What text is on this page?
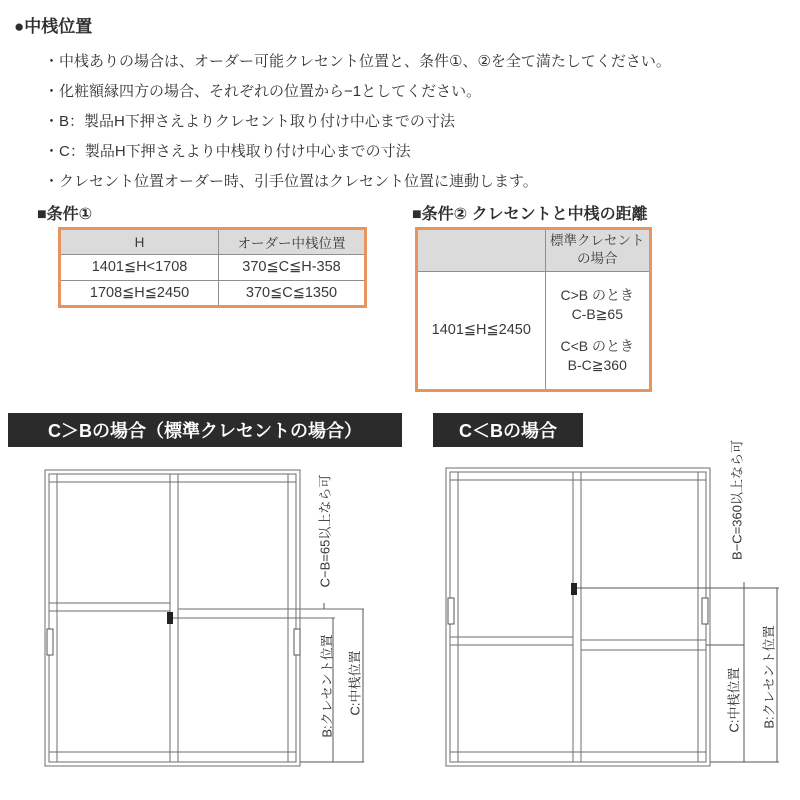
●中桟位置
・中桟ありの場合は、オーダー可能クレセント位置と、条件①、②を全て満たしてください。
・化粧額縁四方の場合、それぞれの位置から−1としてください。
・B：製品H下押さえよりクレセント取り付け中心までの寸法
・C：製品H下押さえより中桟取り付け中心までの寸法
・クレセント位置オーダー時、引手位置はクレセント位置に連動します。
■条件①
H	オーダー中桟位置
1401≦H<1708	370≦C≦H-358
1708≦H≦2450	370≦C≦1350
■条件② クレセントと中桟の距離

	標準クレセント
の場合

1401≦H≦2450	C>B のとき
C-B≧65
C<B のとき
B-C≧360
C＞Bの場合（標準クレセントの場合）	C＜Bの場合
C−B=65以上なら可
B:クレセント位置 C:中桟位置
B−C=360以上なら可
C:中桟位置 B:クレセント位置
